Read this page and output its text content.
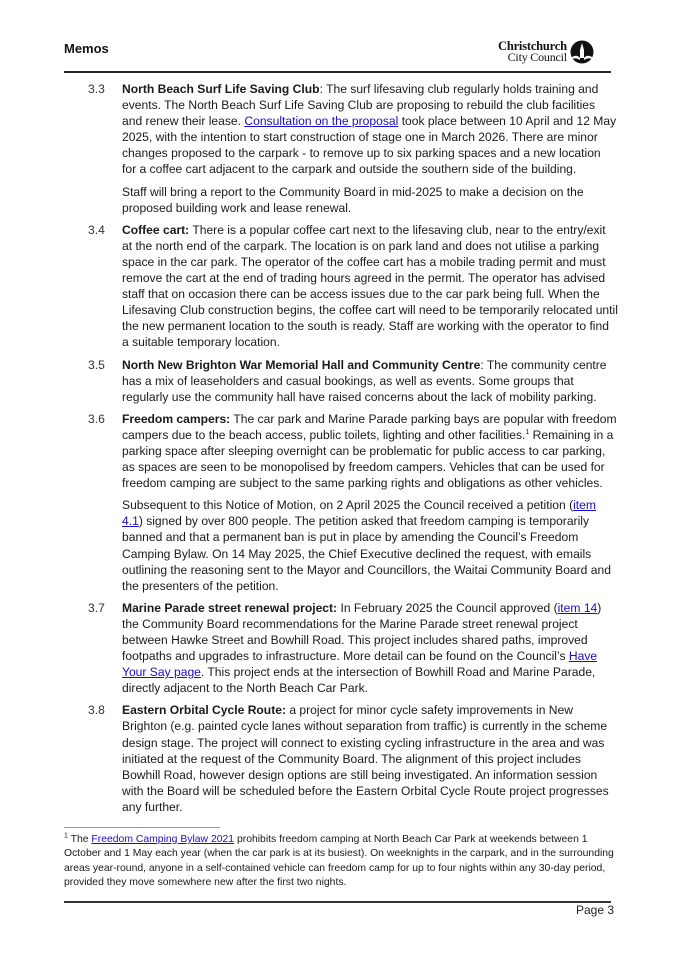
Memos	Christchurch
City Council
3.3	North Beach Surf Life Saving Club: The surf lifesaving club regularly holds training and events. The North Beach Surf Life Saving Club are proposing to rebuild the club facilities and renew their lease. Consultation on the proposal took place between 10 April and 12 May 2025, with the intention to start construction of stage one in March 2026. There are minor changes proposed to the carpark - to remove up to six parking spaces and a new location for a coffee cart adjacent to the carpark and outside the southern side of the building.

Staff will bring a report to the Community Board in mid-2025 to make a decision on the proposed building work and lease renewal.

3.4	Coffee cart: There is a popular coffee cart next to the lifesaving club, near to the entry/exit at the north end of the carpark. The location is on park land and does not utilise a parking space in the car park. The operator of the coffee cart has a mobile trading permit and must remove the cart at the end of trading hours agreed in the permit. The operator has advised staff that on occasion there can be access issues due to the car park being full. When the Lifesaving Club construction begins, the coffee cart will need to be temporarily relocated until the new permanent location to the south is ready. Staff are working with the operator to find a suitable temporary location.

3.5	North New Brighton War Memorial Hall and Community Centre: The community centre has a mix of leaseholders and casual bookings, as well as events. Some groups that regularly use the community hall have raised concerns about the lack of mobility parking.

3.6	Freedom campers: The car park and Marine Parade parking bays are popular with freedom campers due to the beach access, public toilets, lighting and other facilities.$^1$ Remaining in a parking space after sleeping overnight can be problematic for public access to car parking, as spaces are seen to be monopolised by freedom campers. Vehicles that can be used for freedom camping are subject to the same parking rights and obligations as other vehicles.

Subsequent to this Notice of Motion, on 2 April 2025 the Council received a petition (item 4.1) signed by over 800 people. The petition asked that freedom camping is temporarily banned and that a permanent ban is put in place by amending the Council’s Freedom Camping Bylaw. On 14 May 2025, the Chief Executive declined the request, with emails outlining the reasoning sent to the Mayor and Councillors, the Waitai Community Board and the presenters of the petition.

3.7	Marine Parade street renewal project: In February 2025 the Council approved (item 14) the Community Board recommendations for the Marine Parade street renewal project between Hawke Street and Bowhill Road. This project includes shared paths, improved footpaths and upgrades to infrastructure. More detail can be found on the Council’s Have Your Say page. This project ends at the intersection of Bowhill Road and Marine Parade, directly adjacent to the North Beach Car Park.

3.8	Eastern Orbital Cycle Route: a project for minor cycle safety improvements in New Brighton (e.g. painted cycle lanes without separation from traffic) is currently in the scheme design stage. The project will connect to existing cycling infrastructure in the area and was initiated at the request of the Community Board. The alignment of this project includes Bowhill Road, however design options are still being investigated. An information session with the Board will be scheduled before the Eastern Orbital Cycle Route project progresses any further.

$^1$ The Freedom Camping Bylaw 2021 prohibits freedom camping at North Beach Car Park at weekends between 1 October and 1 May each year (when the car park is at its busiest). On weeknights in the carpark, and in the surrounding areas year-round, anyone in a self-contained vehicle can freedom camp for up to four nights within any 30-day period, provided they move somewhere new after the first two nights.
Page 3
